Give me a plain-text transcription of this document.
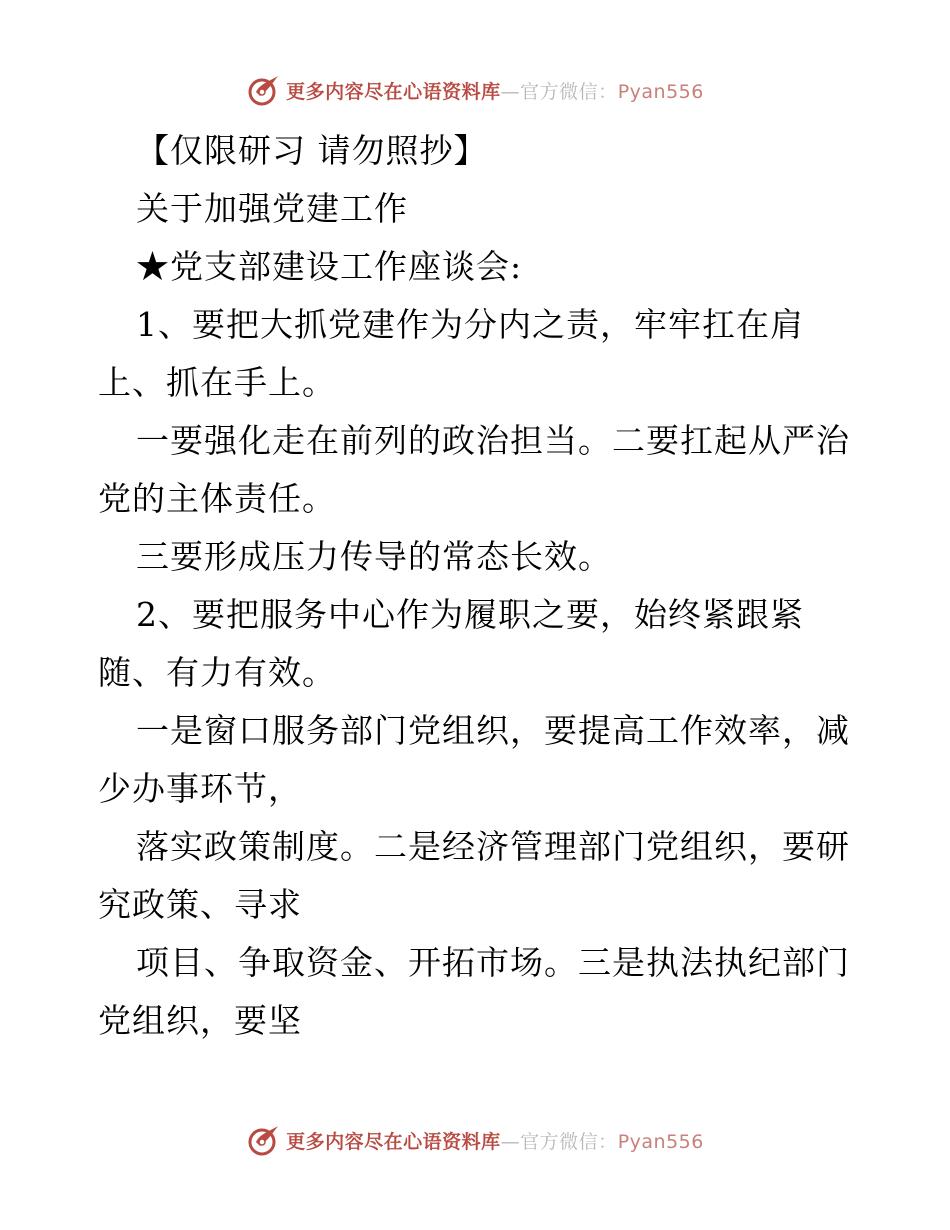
更多内容尽在心语资料库—官方微信：Pyan556
【仅限研习 请勿照抄】
关于加强党建工作
★党支部建设工作座谈会:
1、要把大抓党建作为分内之责，牢牢扛在肩
上、抓在手上。
一要强化走在前列的政治担当。二要扛起从严治
党的主体责任。
三要形成压力传导的常态长效。
2、要把服务中心作为履职之要，始终紧跟紧
随、有力有效。
一是窗口服务部门党组织，要提高工作效率，减
少办事环节，
落实政策制度。二是经济管理部门党组织，要研
究政策、寻求
项目、争取资金、开拓市场。三是执法执纪部门
党组织，要坚
更多内容尽在心语资料库—官方微信：Pyan556
